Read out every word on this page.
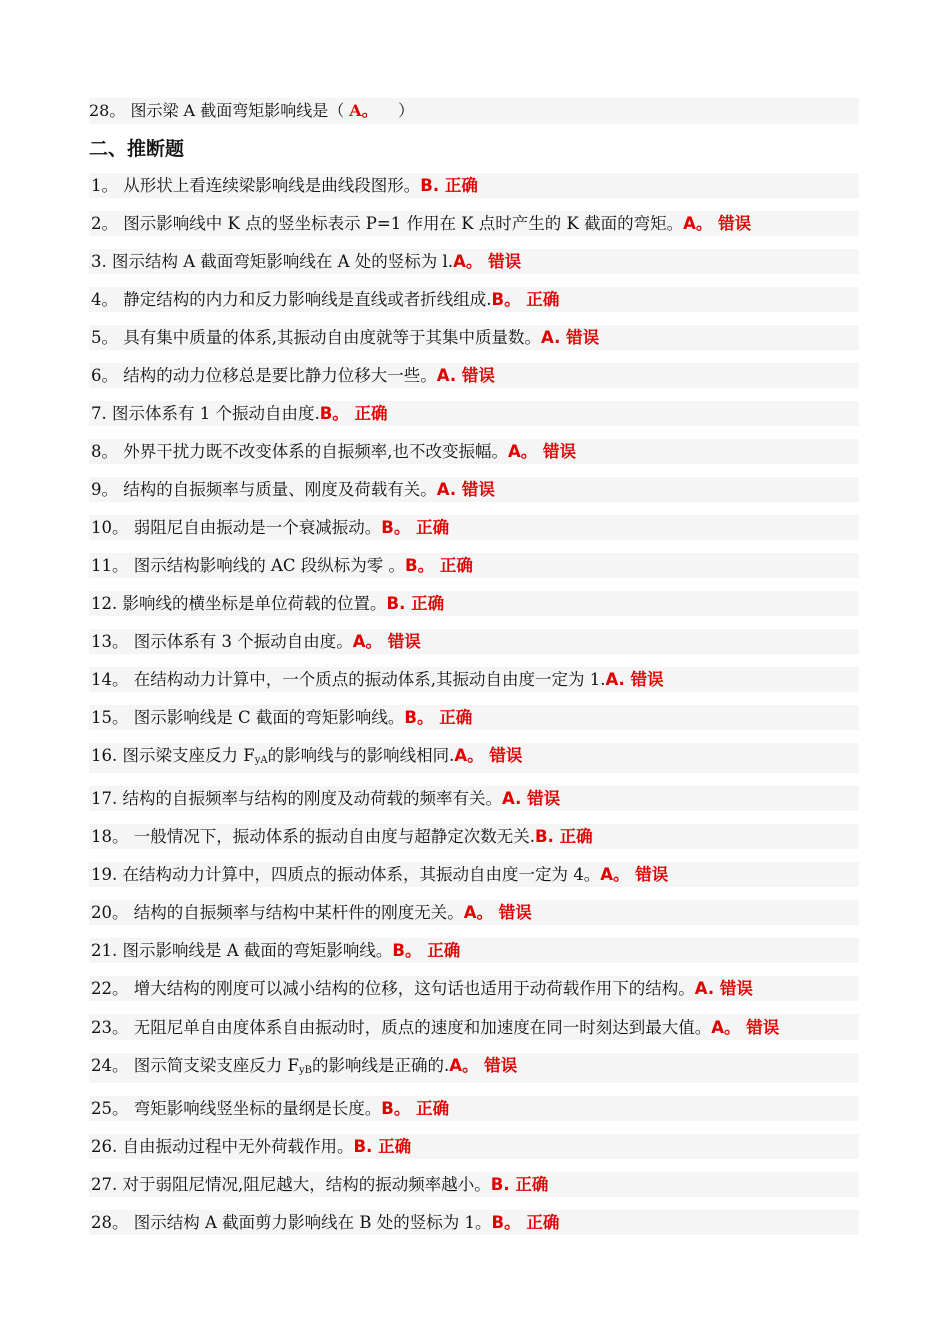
28。 图示梁 A 截面弯矩影响线是（ A。 ）
二、推断题
1。 从形状上看连续梁影响线是曲线段图形。B. 正确
2。 图示影响线中 K 点的竖坐标表示 P=1 作用在 K 点时产生的 K 截面的弯矩。A。 错误
3. 图示结构 A 截面弯矩影响线在 A 处的竖标为 l.A。 错误
4。 静定结构的内力和反力影响线是直线或者折线组成.B。 正确
5。 具有集中质量的体系,其振动自由度就等于其集中质量数。A. 错误
6。 结构的动力位移总是要比静力位移大一些。A. 错误
7. 图示体系有 1 个振动自由度.B。 正确
8。 外界干扰力既不改变体系的自振频率,也不改变振幅。A。 错误
9。 结构的自振频率与质量、刚度及荷载有关。A. 错误
10。 弱阻尼自由振动是一个衰减振动。B。 正确
11。 图示结构影响线的 AC 段纵标为零 。B。 正确
12. 影响线的横坐标是单位荷载的位置。B. 正确
13。 图示体系有 3 个振动自由度。A。 错误
14。 在结构动力计算中，一个质点的振动体系,其振动自由度一定为 1.A. 错误
15。 图示影响线是 C 截面的弯矩影响线。B。 正确
16. 图示梁支座反力 $F_{yA}$的影响线与的影响线相同.A。 错误
17. 结构的自振频率与结构的刚度及动荷载的频率有关。A. 错误
18。 一般情况下，振动体系的振动自由度与超静定次数无关.B. 正确
19. 在结构动力计算中，四质点的振动体系，其振动自由度一定为 4。A。 错误
20。 结构的自振频率与结构中某杆件的刚度无关。A。 错误
21. 图示影响线是 A 截面的弯矩影响线。B。 正确
22。 增大结构的刚度可以减小结构的位移，这句话也适用于动荷载作用下的结构。A. 错误
23。 无阻尼单自由度体系自由振动时，质点的速度和加速度在同一时刻达到最大值。A。 错误
24。 图示简支梁支座反力 $F_{yB}$的影响线是正确的.A。 错误
25。 弯矩影响线竖坐标的量纲是长度。B。 正确
26. 自由振动过程中无外荷载作用。B. 正确
27. 对于弱阻尼情况,阻尼越大，结构的振动频率越小。B. 正确
28。 图示结构 A 截面剪力影响线在 B 处的竖标为 1。B。 正确
